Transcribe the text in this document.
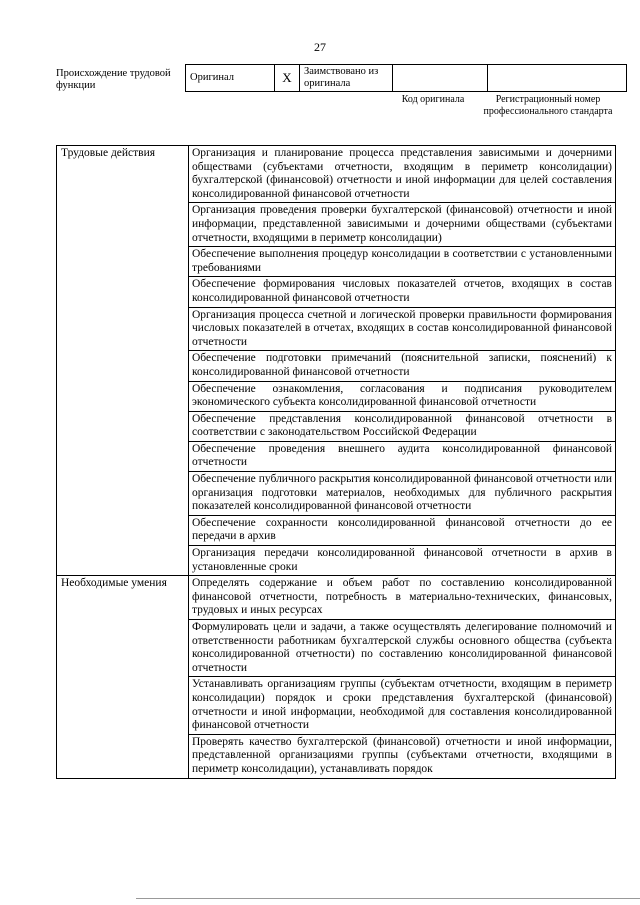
27
Происхождение трудовой функции
Оригинал	X	Заимствовано из оригинала		
Код оригинала	Регистрационный номер профессионального стандарта
Трудовые действия	Организация и планирование процесса представления зависимыми и дочерними обществами (субъектами отчетности, входящим в периметр консолидации) бухгалтерской (финансовой) отчетности и иной информации для целей составления консолидированной финансовой отчетности
	Организация проведения проверки бухгалтерской (финансовой) отчетности и иной информации, представленной зависимыми и дочерними обществами (субъектами отчетности, входящими в периметр консолидации)
	Обеспечение выполнения процедур консолидации в соответствии с установленными требованиями
	Обеспечение формирования числовых показателей отчетов, входящих в состав консолидированной финансовой отчетности
	Организация процесса счетной и логической проверки правильности формирования числовых показателей в отчетах, входящих в состав консолидированной финансовой отчетности
	Обеспечение подготовки примечаний (пояснительной записки, пояснений) к консолидированной финансовой отчетности
	Обеспечение ознакомления, согласования и подписания руководителем экономического субъекта консолидированной финансовой отчетности
	Обеспечение представления консолидированной финансовой отчетности в соответствии с законодательством Российской Федерации
	Обеспечение проведения внешнего аудита консолидированной финансовой отчетности
	Обеспечение публичного раскрытия консолидированной финансовой отчетности или организация подготовки материалов, необходимых для публичного раскрытия показателей консолидированной финансовой отчетности
	Обеспечение сохранности консолидированной финансовой отчетности до ее передачи в архив
	Организация передачи консолидированной финансовой отчетности в архив в установленные сроки
Необходимые умения	Определять содержание и объем работ по составлению консолидированной финансовой отчетности, потребность в материально-технических, финансовых, трудовых и иных ресурсах
	Формулировать цели и задачи, а также осуществлять делегирование полномочий и ответственности работникам бухгалтерской службы основного общества (субъекта консолидированной отчетности) по составлению консолидированной финансовой отчетности
	Устанавливать организациям группы (субъектам отчетности, входящим в периметр консолидации) порядок и сроки представления бухгалтерской (финансовой) отчетности и иной информации, необходимой для составления консолидированной финансовой отчетности
	Проверять качество бухгалтерской (финансовой) отчетности и иной информации, представленной организациями группы (субъектами отчетности, входящими в периметр консолидации), устанавливать порядок
